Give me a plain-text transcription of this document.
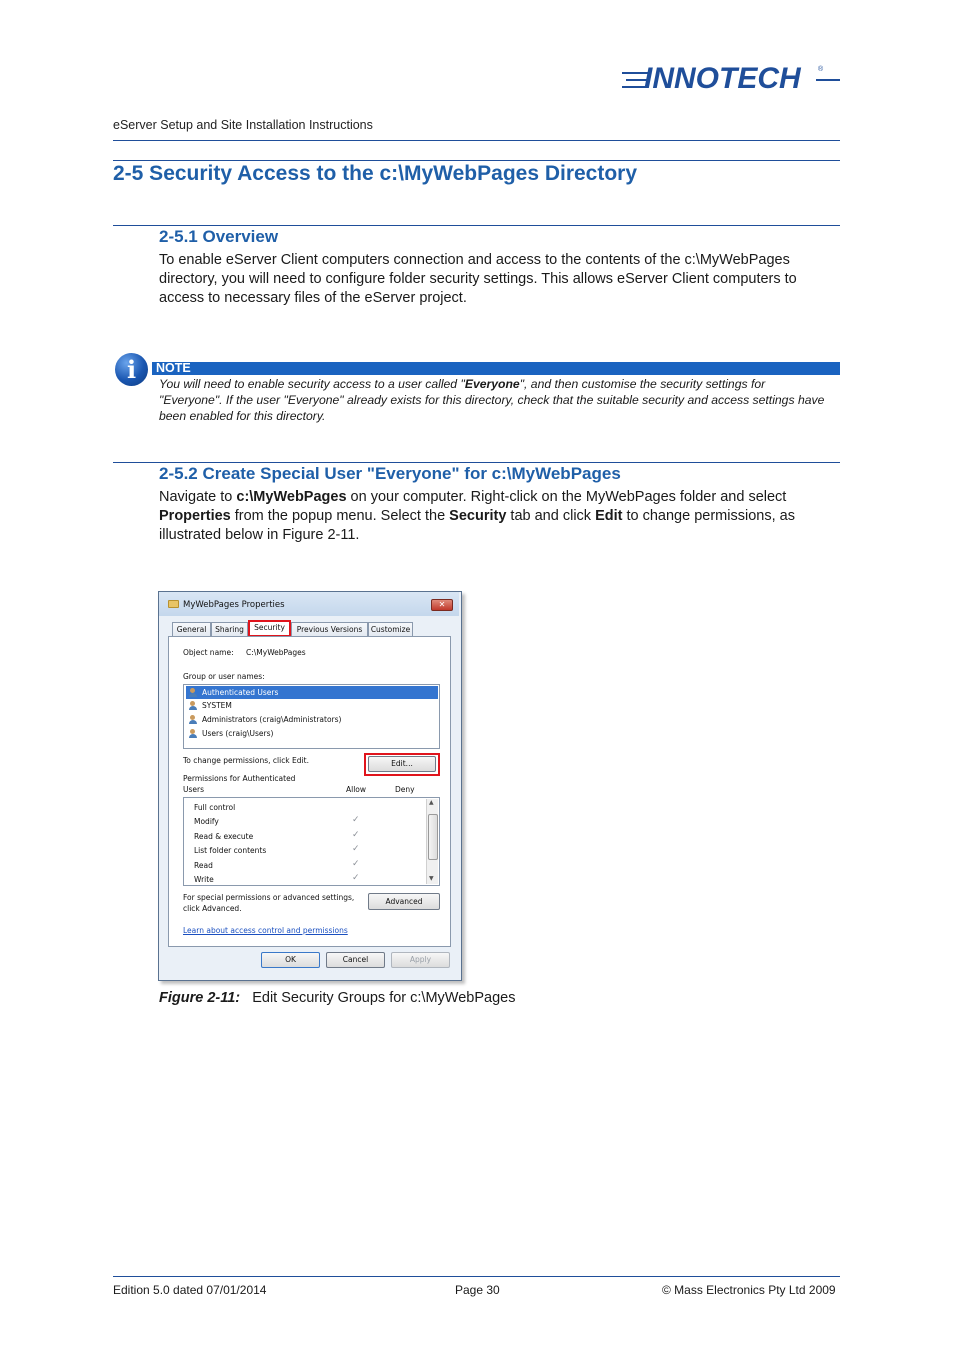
INNOTECH ®
eServer Setup and Site Installation Instructions
2-5 Security Access to the c:\MyWebPages Directory
2-5.1 Overview
To enable eServer Client computers connection and access to the contents of the c:\MyWebPages directory, you will need to configure folder security settings. This allows eServer Client computers to access to necessary files of the eServer project.
i	NOTE
You will need to enable security access to a user called "Everyone", and then customise the security settings for "Everyone". If the user "Everyone" already exists for this directory, check that the suitable security and access settings have been enabled for this directory.
2-5.2 Create Special User "Everyone" for c:\MyWebPages
Navigate to c:\MyWebPages on your computer. Right-click on the MyWebPages folder and select Properties from the popup menu. Select the Security tab and click Edit to change permissions, as illustrated below in Figure 2-11.
MyWebPages Properties	✕
General	Sharing	Security	Previous Versions	Customize
Object name: C:\MyWebPages
Group or user names:
Authenticated Users
SYSTEM
Administrators (craig\Administrators)
Users (craig\Users)
To change permissions, click Edit.	Edit...
Permissions for Authenticated
Users	Allow	Deny
Full control
Modify	✓
Read & execute	✓
List folder contents	✓
Read	✓
Write	✓
▲
▼
For special permissions or advanced settings,
click Advanced.
Advanced
Learn about access control and permissions
OK	Cancel	Apply
Figure 2-11: Edit Security Groups for c:\MyWebPages
Edition 5.0 dated 07/01/2014	Page 30	© Mass Electronics Pty Ltd 2009
